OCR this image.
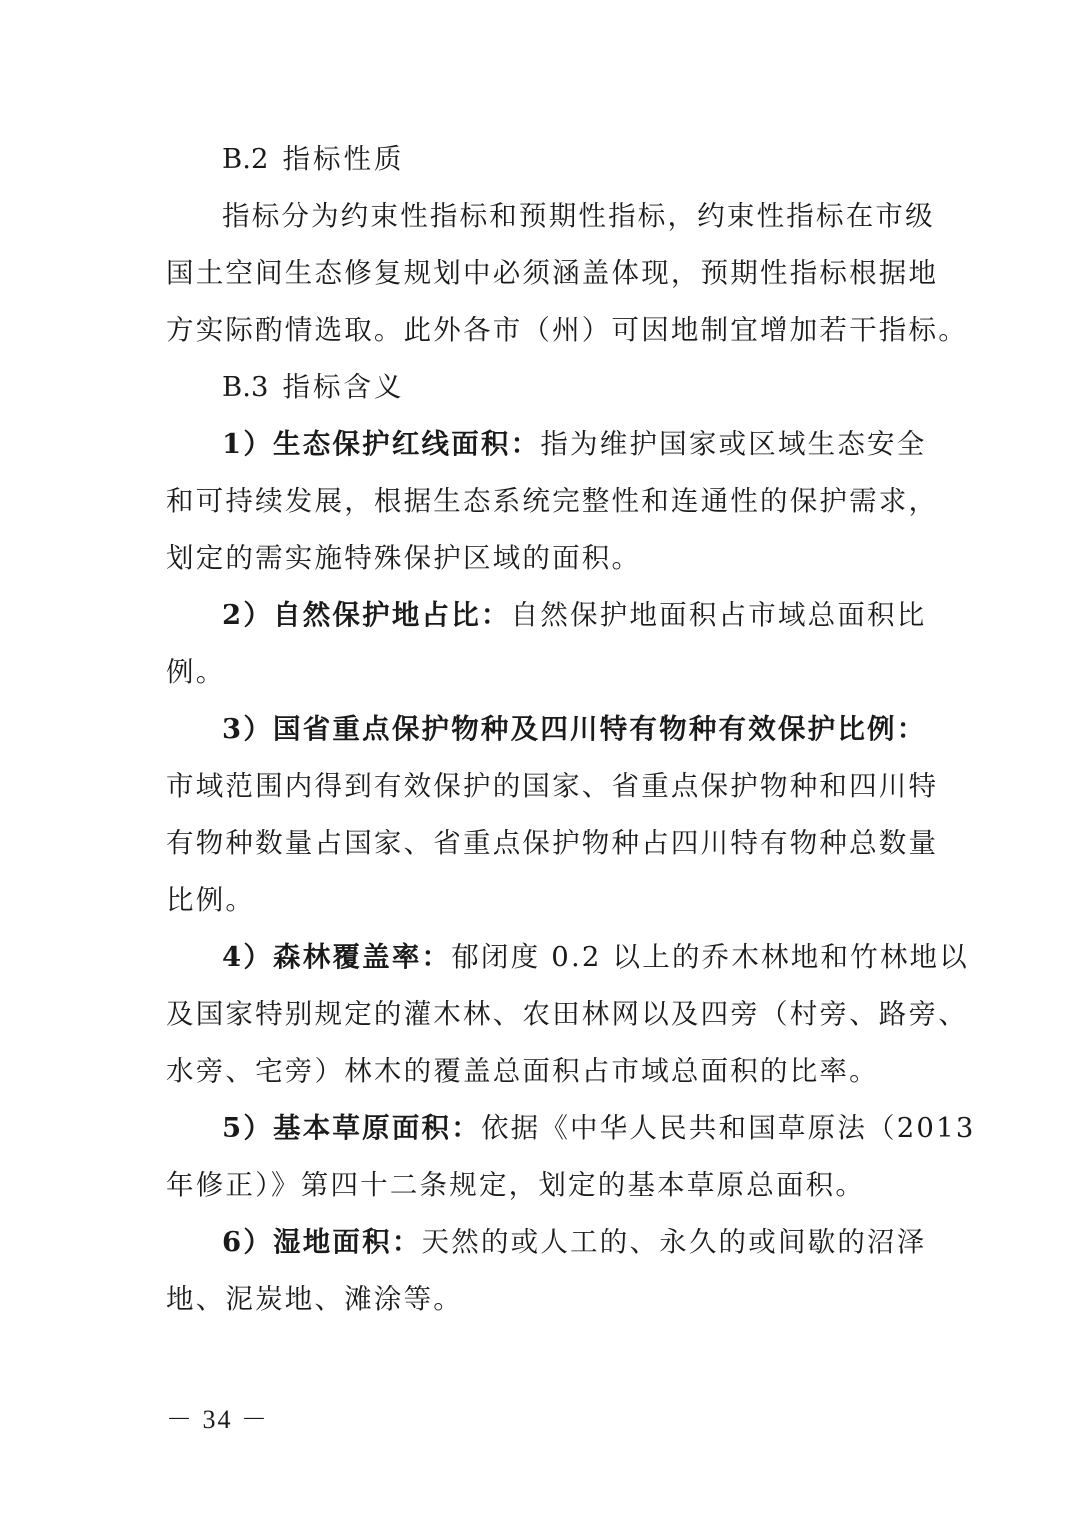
B.2 指标性质

指标分为约束性指标和预期性指标，约束性指标在市级

国土空间生态修复规划中必须涵盖体现，预期性指标根据地

方实际酌情选取。此外各市（州）可因地制宜增加若干指标。

B.3 指标含义

1）生态保护红线面积：指为维护国家或区域生态安全

和可持续发展，根据生态系统完整性和连通性的保护需求，

划定的需实施特殊保护区域的面积。

2）自然保护地占比：自然保护地面积占市域总面积比

例。

3）国省重点保护物种及四川特有物种有效保护比例：

市域范围内得到有效保护的国家、省重点保护物种和四川特

有物种数量占国家、省重点保护物种占四川特有物种总数量

比例。

4）森林覆盖率：郁闭度 0.2 以上的乔木林地和竹林地以

及国家特别规定的灌木林、农田林网以及四旁（村旁、路旁、

水旁、宅旁）林木的覆盖总面积占市域总面积的比率。

5）基本草原面积：依据《中华人民共和国草原法（2013

年修正）》第四十二条规定，划定的基本草原总面积。

6）湿地面积：天然的或人工的、永久的或间歇的沼泽

地、泥炭地、滩涂等。

－ 34 －
